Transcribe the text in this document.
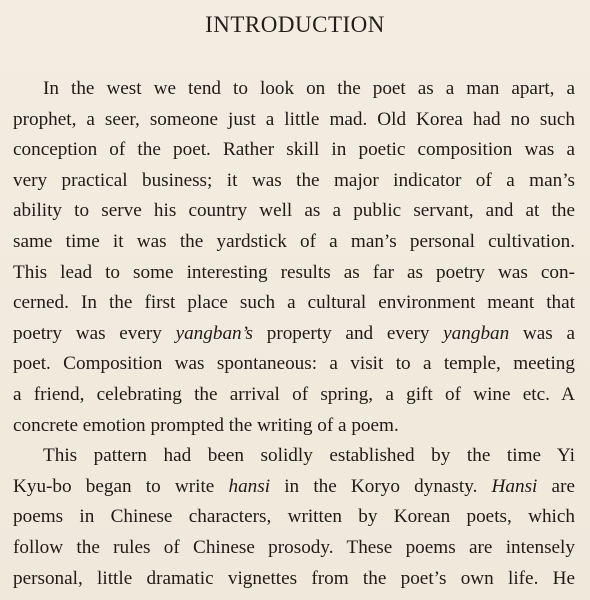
INTRODUCTION
In the west we tend to look on the poet as a man apart, a
prophet, a seer, someone just a little mad. Old Korea had no such
conception of the poet. Rather skill in poetic composition was a
very practical business; it was the major indicator of a man’s
ability to serve his country well as a public servant, and at the
same time it was the yardstick of a man’s personal cultivation.
This lead to some interesting results as far as poetry was con-
cerned. In the first place such a cultural environment meant that
poetry was every yangban’s property and every yangban was a
poet. Composition was spontaneous: a visit to a temple, meeting
a friend, celebrating the arrival of spring, a gift of wine etc. A
concrete emotion prompted the writing of a poem.
This pattern had been solidly established by the time Yi
Kyu-bo began to write hansi in the Koryo dynasty. Hansi are
poems in Chinese characters, written by Korean poets, which
follow the rules of Chinese prosody. These poems are intensely
personal, little dramatic vignettes from the poet’s own life. He
